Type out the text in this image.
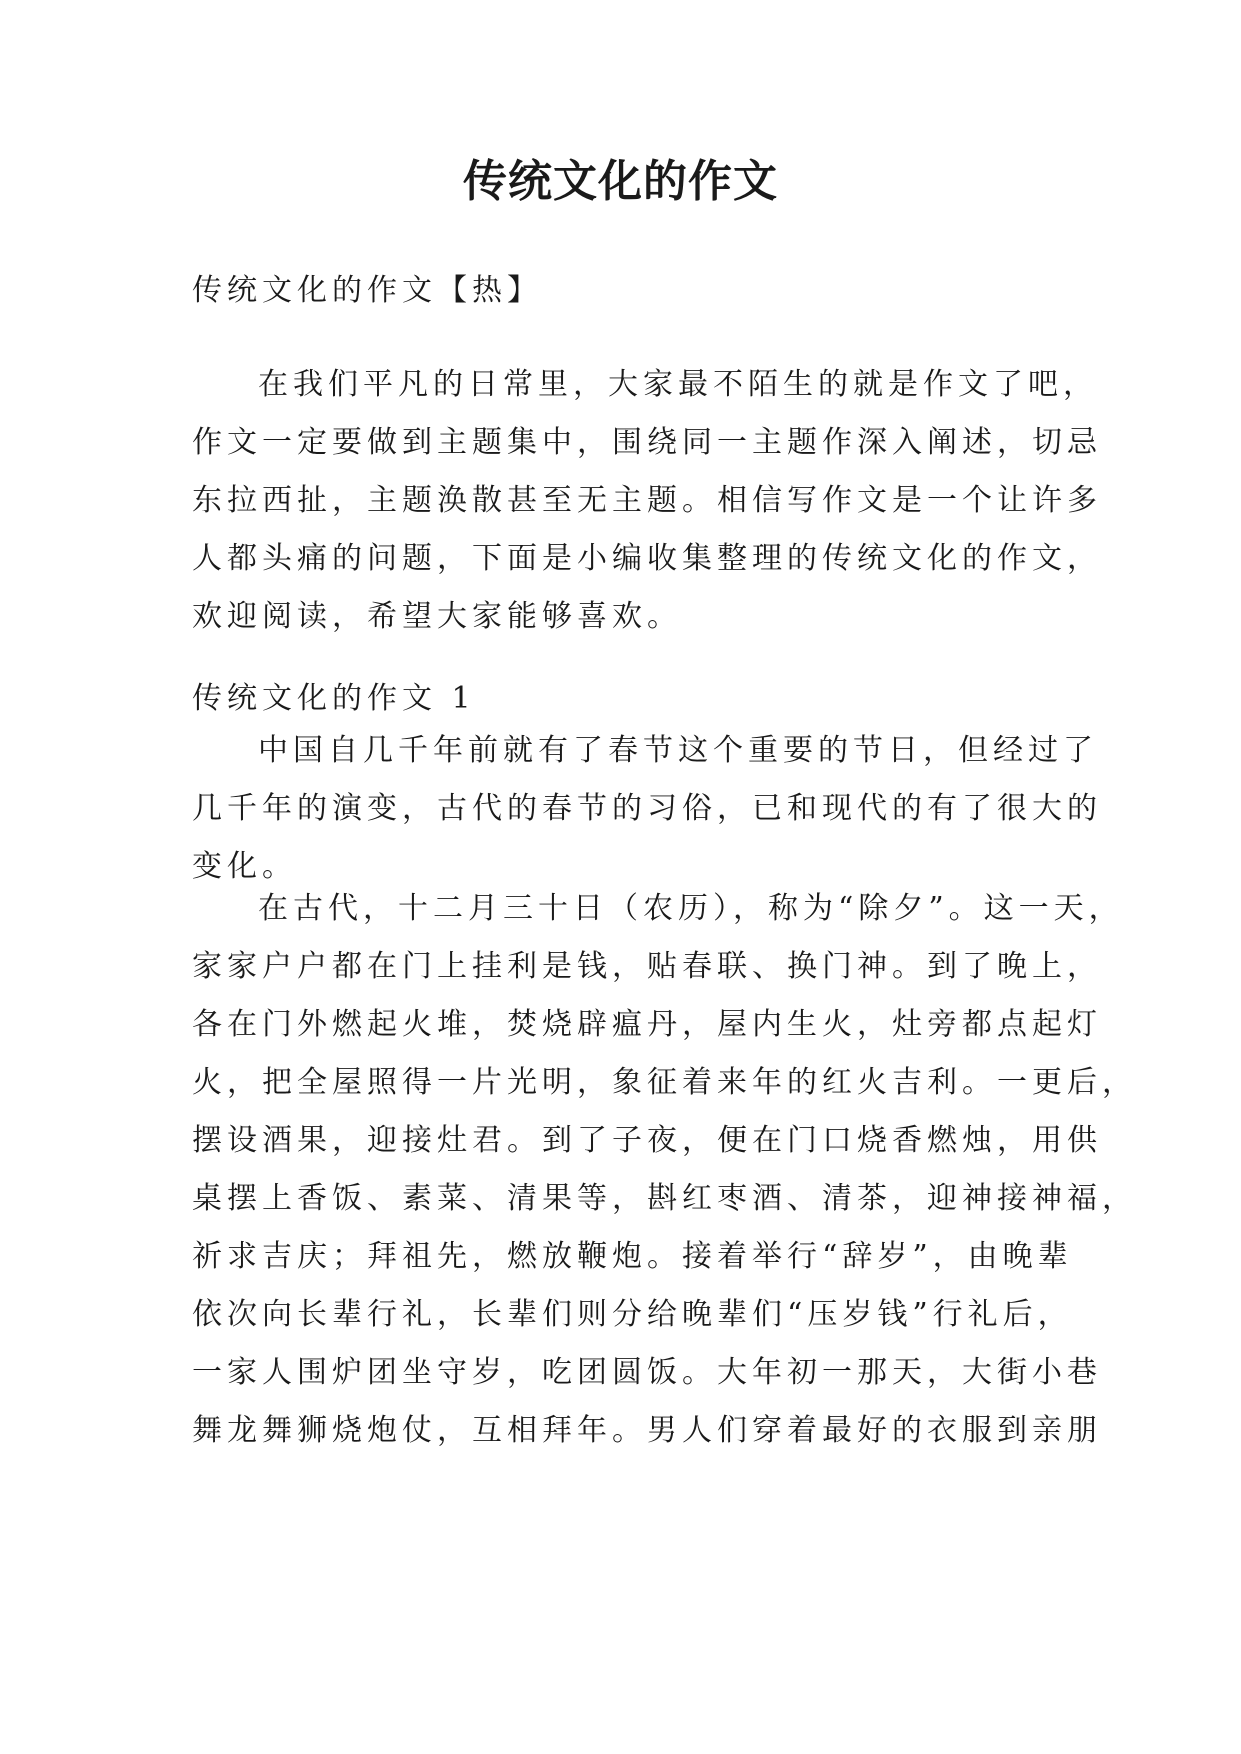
传统文化的作文

传统文化的作文【热】

在我们平凡的日常里，大家最不陌生的就是作文了吧，
作文一定要做到主题集中，围绕同一主题作深入阐述，切忌
东拉西扯，主题涣散甚至无主题。相信写作文是一个让许多
人都头痛的问题，下面是小编收集整理的传统文化的作文，
欢迎阅读，希望大家能够喜欢。

传统文化的作文 1

中国自几千年前就有了春节这个重要的节日，但经过了
几千年的演变，古代的春节的习俗，已和现代的有了很大的
变化。

在古代，十二月三十日（农历），称为“除夕”。这一天，
家家户户都在门上挂利是钱，贴春联、换门神。到了晚上，
各在门外燃起火堆，焚烧辟瘟丹，屋内生火，灶旁都点起灯
火，把全屋照得一片光明，象征着来年的红火吉利。一更后，
摆设酒果，迎接灶君。到了子夜，便在门口烧香燃烛，用供
桌摆上香饭、素菜、清果等，斟红枣酒、清茶，迎神接神福，
祈求吉庆；拜祖先，燃放鞭炮。接着举行“辞岁”，由晚辈
依次向长辈行礼，长辈们则分给晚辈们“压岁钱”行礼后，
一家人围炉团坐守岁，吃团圆饭。大年初一那天，大街小巷
舞龙舞狮烧炮仗，互相拜年。男人们穿着最好的衣服到亲朋
